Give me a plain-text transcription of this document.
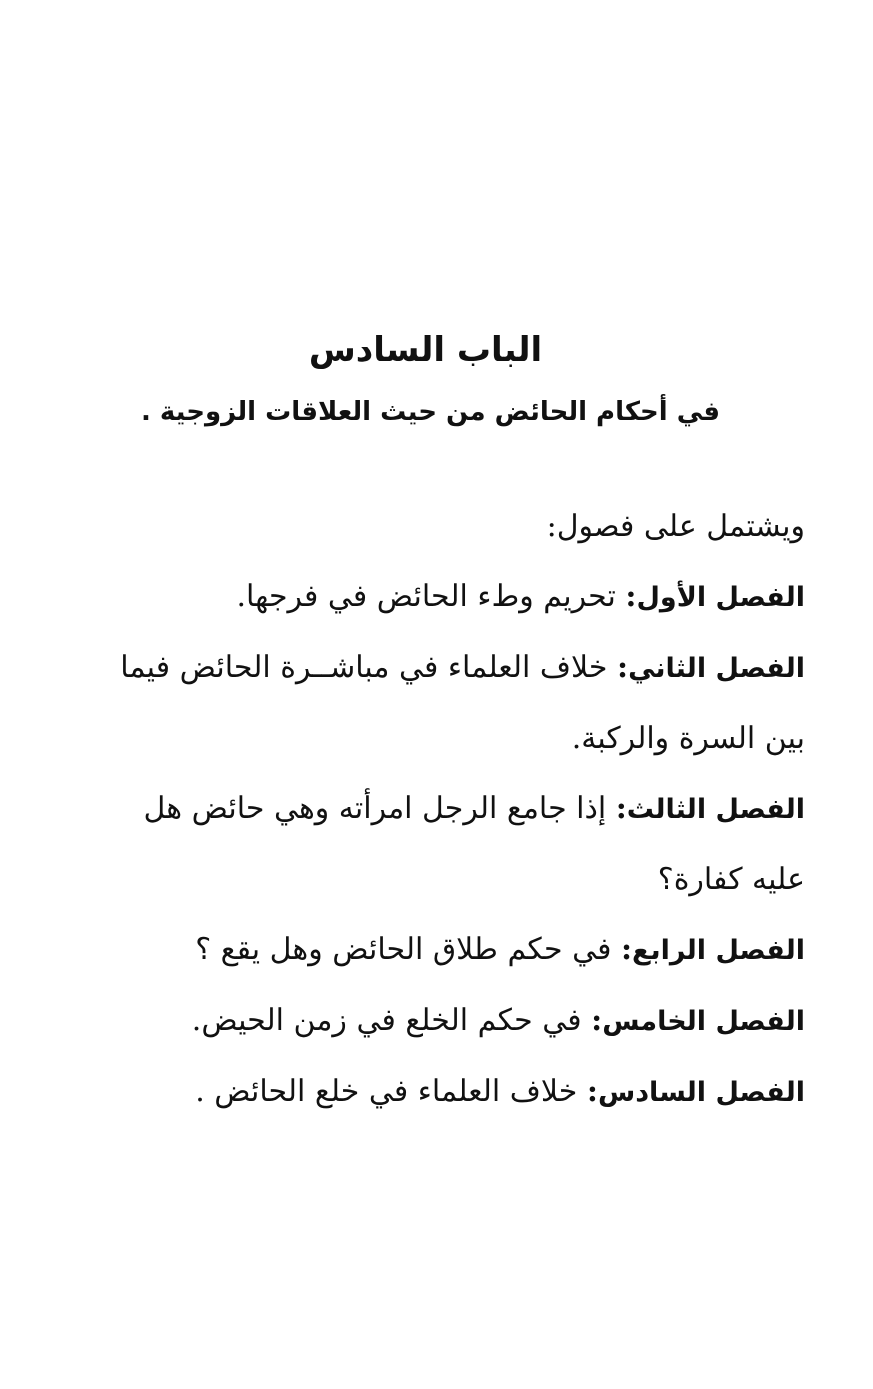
الباب السادس
في أحكام الحائض من حيث العلاقات الزوجية .

ويشتمل على فصول:

الفصل الأول: تحريم وطء الحائض في فرجها.
الفصل الثاني: خلاف العلماء في مباشــرة الحائض فيما بين السرة والركبة.
الفصل الثالث: إذا جامع الرجل امرأته وهي حائض هل عليه كفارة؟
الفصل الرابع: في حكم طلاق الحائض وهل يقع ؟
الفصل الخامس: في حكم الخلع في زمن الحيض.
الفصل السادس: خلاف العلماء في خلع الحائض .
